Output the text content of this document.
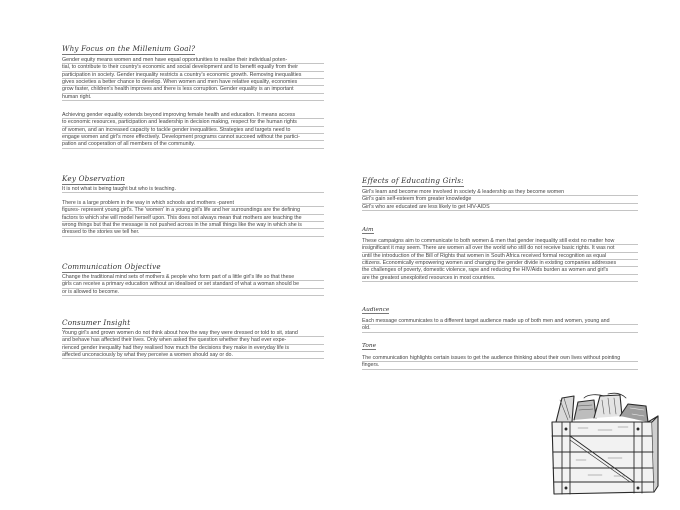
Why Focus on the Millenium Goal?
Gender equity means women and men have equal opportunities to realise their individual poten-
tial, to contribute to their country's economic and social development and to benefit equally from their
participation in society. Gender inequality restricts a country's economic growth. Removing inequalities
gives societies a better chance to develop. When women and men have relative equality, economies
grow faster, children's health improves and there is less corruption. Gender equality is an important
human right.
Achieving gender equality extends beyond improving female health and education. It means access
to economic resources, participation and leadership in decision making, respect for the human rights
of women, and an increased capacity to tackle gender inequalities. Strategies and targets need to
engage women and girl's more effectively. Development programs cannot succeed without the partici-
pation and cooperation of all members of the community.
Key Observation
It is not what is being taught but who is teaching.
There is a large problem in the way in which schools and mothers -parent
figures- represent young girl's. The 'women' in a young girl's life and her surroundings are the defining
factors to which she will model herself upon. This does not always mean that mothers are teaching the
wrong things but that the message is not pushed across in the small things like the way in which she is
dressed to the stories we tell her.
Communication Objective
Change the traditional mind sets of mothers & people who form part of a little girl's life so that these
girls can receive a primary education without an idealised or set standard of what a woman should be
or is allowed to become.
Consumer Insight
Young girl's and grown women do not think about how the way they were dressed or told to sit, stand
and behave has affected their lives. Only when asked the question whether they had ever expe-
rienced gender inequality had they realised how much the decisions they make in everyday life is
affected unconsciously by what they perceive a women should say or do.
Effects of Educating Girls:
Girl's learn and become more involved in society & leadership as they become women
Girl's gain self-esteem from greater knowledge
Girl's who are educated are less likely to get HIV-AIDS
Aim
These campaigns aim to communicate to both women & men that gender inequality still exist no matter how
insignificant it may seem. There are women all over the world who still do not receive basic rights. It was not
until the introduction of the Bill of Rights that women in South Africa received formal recognition as equal
citizens. Economically empowering women and changing the gender divide in existing companies addresses
the challenges of poverty, domestic violence, rape and reducing the HIV/Aids burden as women and girl's
are the greatest unexploited resources in most countries.
Audience
Each message communicates to a different target audience made up of both men and women, young and
old.
Tone
The communication highlights certain issues to get the audience thinking about their own lives without pointing
fingers.
